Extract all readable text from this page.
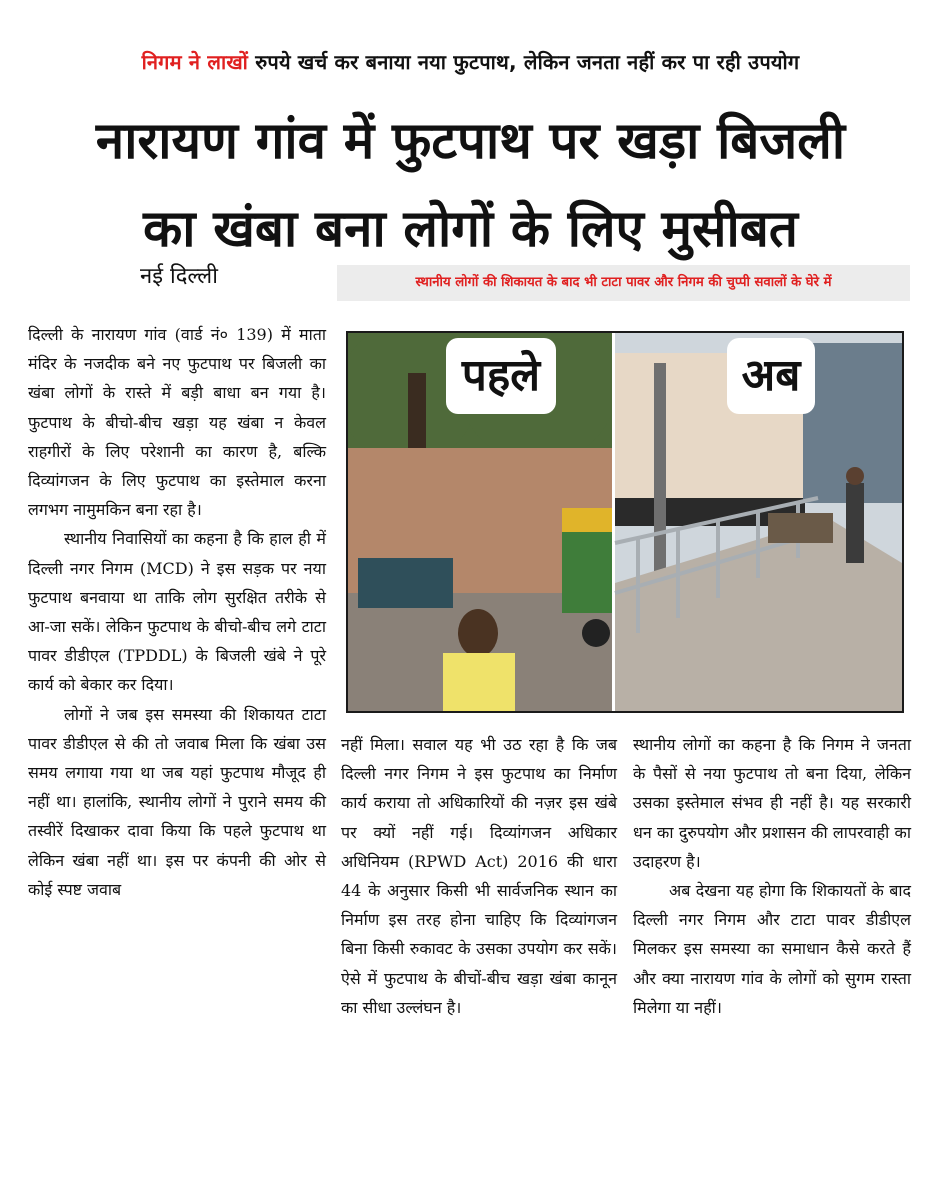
निगम ने लाखों रुपये खर्च कर बनाया नया फुटपाथ, लेकिन जनता नहीं कर पा रही उपयोग
नारायण गांव में फुटपाथ पर खड़ा बिजली
का खंबा बना लोगों के लिए मुसीबत
नई दिल्ली	स्थानीय लोगों की शिकायत के बाद भी टाटा पावर और निगम की चुप्पी सवालों के घेरे में

दिल्ली के नारायण गांव (वार्ड नं० 139) में माता मंदिर के नजदीक बने नए फुटपाथ पर बिजली का खंबा लोगों के रास्ते में बड़ी बाधा बन गया है। फुटपाथ के बीचो-बीच खड़ा यह खंबा न केवल राहगीरों के लिए परेशानी का कारण है, बल्कि दिव्यांगजन के लिए फुटपाथ का इस्तेमाल करना लगभग नामुमकिन बना रहा है।

स्थानीय निवासियों का कहना है कि हाल ही में दिल्ली नगर निगम (MCD) ने इस सड़क पर नया फुटपाथ बनवाया था ताकि लोग सुरक्षित तरीके से आ-जा सकें। लेकिन फुटपाथ के बीचो-बीच लगे टाटा पावर डीडीएल (TPDDL) के बिजली खंबे ने पूरे कार्य को बेकार कर दिया।

लोगों ने जब इस समस्या की शिकायत टाटा पावर डीडीएल से की तो जवाब मिला कि खंबा उस समय लगाया गया था जब यहां फुटपाथ मौजूद ही नहीं था। हालांकि, स्थानीय लोगों ने पुराने समय की तस्वीरें दिखाकर दावा किया कि पहले फुटपाथ था लेकिन खंबा नहीं था। इस पर कंपनी की ओर से कोई स्पष्ट जवाब

पहले	अब

नहीं मिला। सवाल यह भी उठ रहा है कि जब दिल्ली नगर निगम ने इस फुटपाथ का निर्माण कार्य कराया तो अधिकारियों की नज़र इस खंबे पर क्यों नहीं गई। दिव्यांगजन अधिकार अधिनियम (RPWD Act) 2016 की धारा 44 के अनुसार किसी भी सार्वजनिक स्थान का निर्माण इस तरह होना चाहिए कि दिव्यांगजन बिना किसी रुकावट के उसका उपयोग कर सकें। ऐसे में फुटपाथ के बीचों-बीच खड़ा खंबा कानून का सीधा उल्लंघन है।

स्थानीय लोगों का कहना है कि निगम ने जनता के पैसों से नया फुटपाथ तो बना दिया, लेकिन उसका इस्तेमाल संभव ही नहीं है। यह सरकारी धन का दुरुपयोग और प्रशासन की लापरवाही का उदाहरण है।

अब देखना यह होगा कि शिकायतों के बाद दिल्ली नगर निगम और टाटा पावर डीडीएल मिलकर इस समस्या का समाधान कैसे करते हैं और क्या नारायण गांव के लोगों को सुगम रास्ता मिलेगा या नहीं।
